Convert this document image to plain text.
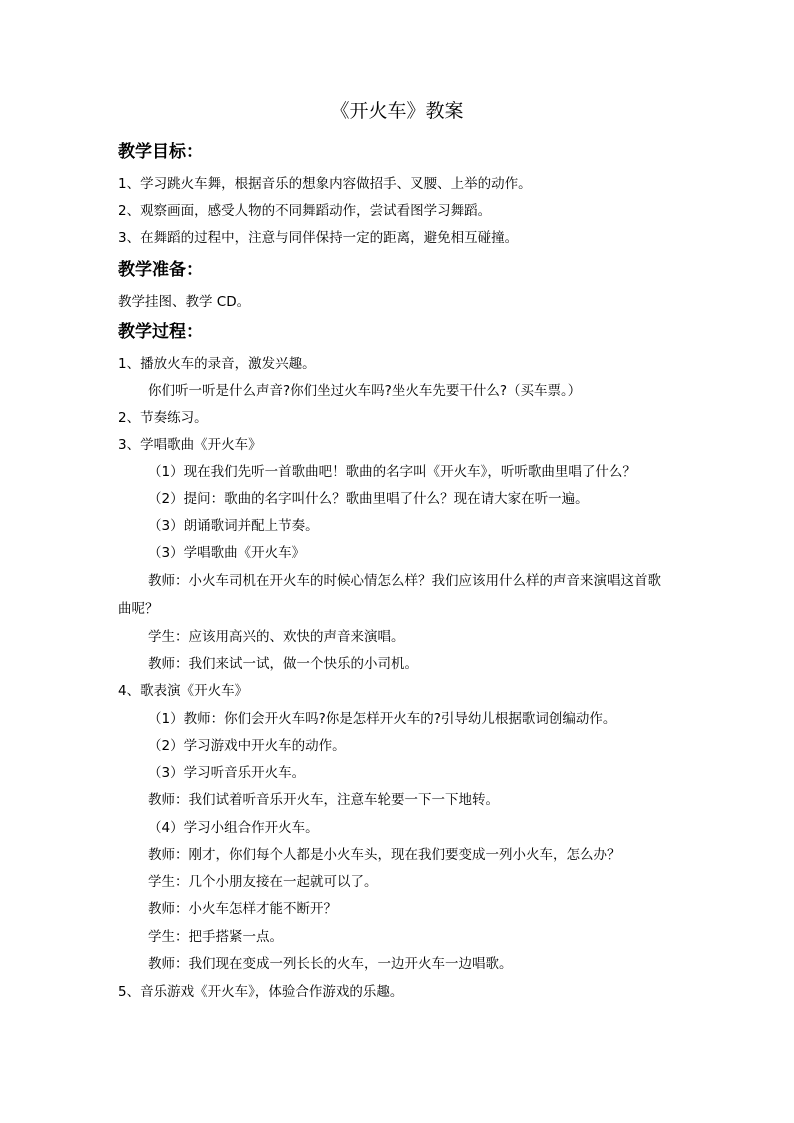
《开火车》教案
教学目标：
1、学习跳火车舞，根据音乐的想象内容做招手、叉腰、上举的动作。
2、观察画面，感受人物的不同舞蹈动作，尝试看图学习舞蹈。
3、在舞蹈的过程中，注意与同伴保持一定的距离，避免相互碰撞。
教学准备：
教学挂图、教学 CD。
教学过程：
1、播放火车的录音，激发兴趣。
你们听一听是什么声音?你们坐过火车吗?坐火车先要干什么?（买车票。）
2、节奏练习。
3、学唱歌曲《开火车》
（1）现在我们先听一首歌曲吧！歌曲的名字叫《开火车》，听听歌曲里唱了什么？
（2）提问：歌曲的名字叫什么？歌曲里唱了什么？现在请大家在听一遍。
（3）朗诵歌词并配上节奏。
（3）学唱歌曲《开火车》
教师：小火车司机在开火车的时候心情怎么样？我们应该用什么样的声音来演唱这首歌
曲呢？
学生：应该用高兴的、欢快的声音来演唱。
教师：我们来试一试，做一个快乐的小司机。
4、歌表演《开火车》
（1）教师：你们会开火车吗?你是怎样开火车的?引导幼儿根据歌词创编动作。
（2）学习游戏中开火车的动作。
（3）学习听音乐开火车。
教师：我们试着听音乐开火车，注意车轮要一下一下地转。
（4）学习小组合作开火车。
教师：刚才，你们每个人都是小火车头，现在我们要变成一列小火车，怎么办？
学生：几个小朋友接在一起就可以了。
教师：小火车怎样才能不断开？
学生：把手搭紧一点。
教师：我们现在变成一列长长的火车，一边开火车一边唱歌。
5、音乐游戏《开火车》，体验合作游戏的乐趣。
